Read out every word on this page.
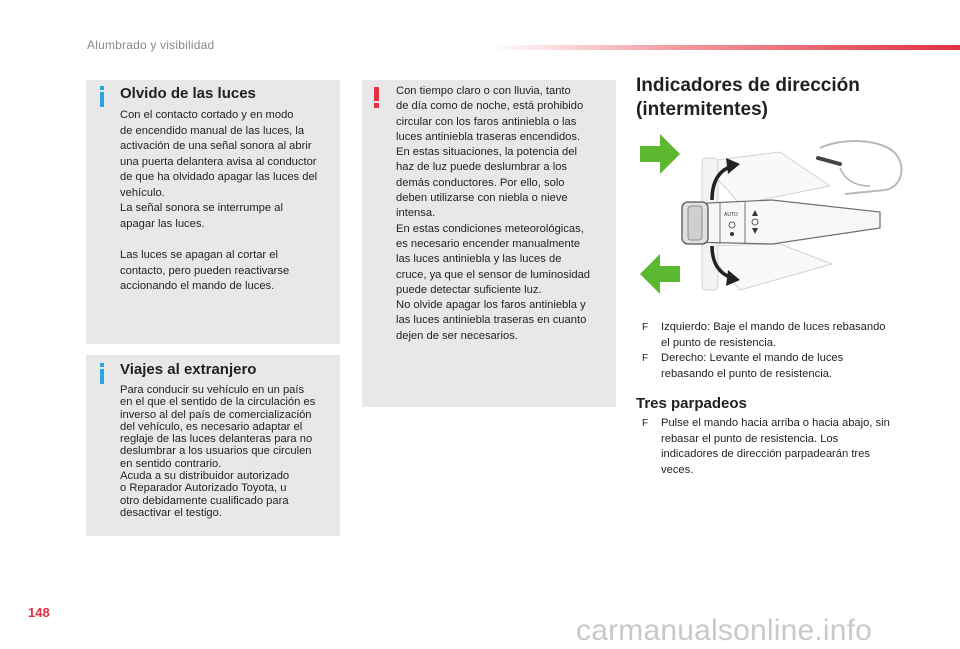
Alumbrado y visibilidad
Olvido de las luces
Con el contacto cortado y en modo
de encendido manual de las luces, la
activación de una señal sonora al abrir
una puerta delantera avisa al conductor
de que ha olvidado apagar las luces del
vehículo.
La señal sonora se interrumpe al
apagar las luces.
Las luces se apagan al cortar el
contacto, pero pueden reactivarse
accionando el mando de luces.
Viajes al extranjero
Para conducir su vehículo en un país
en el que el sentido de la circulación es
inverso al del país de comercialización
del vehículo, es necesario adaptar el
reglaje de las luces delanteras para no
deslumbrar a los usuarios que circulen
en sentido contrario.
Acuda a su distribuidor autorizado
o Reparador Autorizado Toyota, u
otro debidamente cualificado para
desactivar el testigo.
Con tiempo claro o con lluvia, tanto
de día como de noche, está prohibido
circular con los faros antiniebla o las
luces antiniebla traseras encendidos.
En estas situaciones, la potencia del
haz de luz puede deslumbrar a los
demás conductores. Por ello, solo
deben utilizarse con niebla o nieve
intensa.
En estas condiciones meteorológicas,
es necesario encender manualmente
las luces antiniebla y las luces de
cruce, ya que el sensor de luminosidad
puede detectar suficiente luz.
No olvide apagar los faros antiniebla y
las luces antiniebla traseras en cuanto
dejen de ser necesarios.
Indicadores de dirección
(intermitentes)
AUTO
F Izquierdo: Baje el mando de luces rebasando el punto de resistencia.
F Derecho: Levante el mando de luces rebasando el punto de resistencia.
Tres parpadeos
F Pulse el mando hacia arriba o hacia abajo, sin rebasar el punto de resistencia. Los indicadores de dirección parpadearán tres veces.
148
carmanualsonline.info
